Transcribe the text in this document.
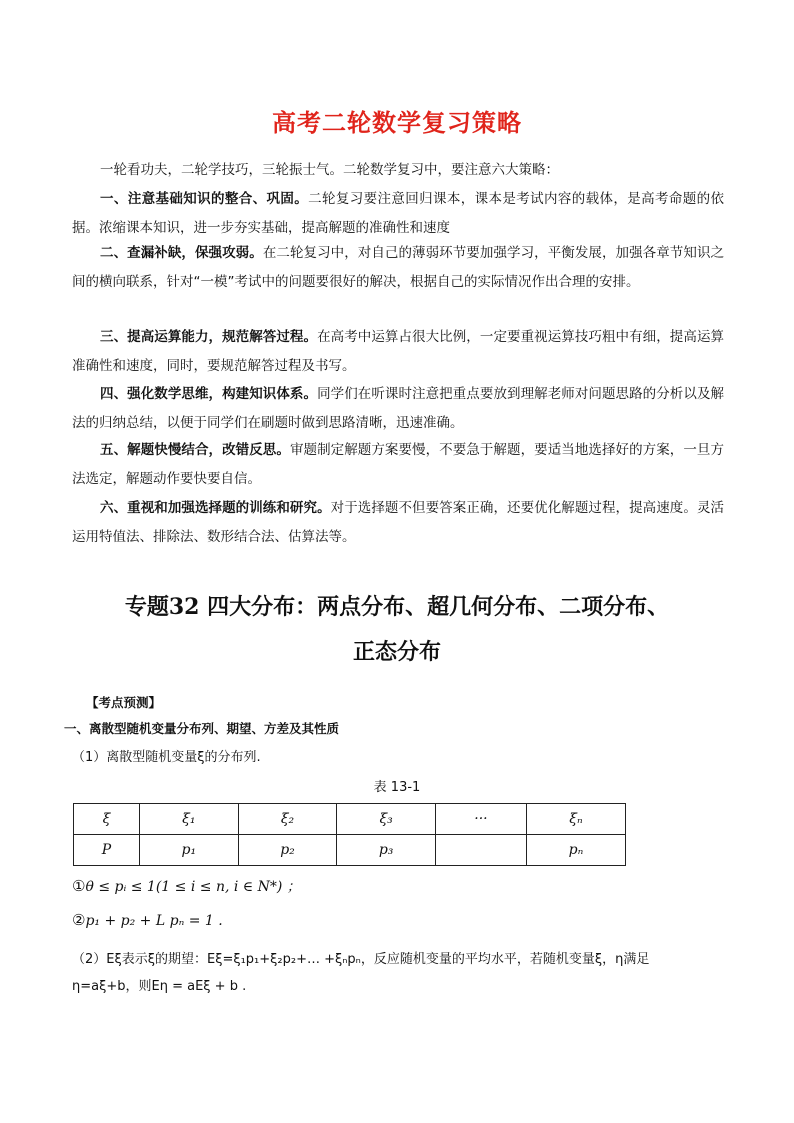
高考二轮数学复习策略

一轮看功夫，二轮学技巧，三轮振士气。二轮数学复习中，要注意六大策略：

一、注意基础知识的整合、巩固。二轮复习要注意回归课本，课本是考试内容的载体，是高考命题的依据。浓缩课本知识，进一步夯实基础，提高解题的准确性和速度

二、查漏补缺，保强攻弱。在二轮复习中，对自己的薄弱环节要加强学习，平衡发展，加强各章节知识之间的横向联系，针对“一模”考试中的问题要很好的解决，根据自己的实际情况作出合理的安排。

三、提高运算能力，规范解答过程。在高考中运算占很大比例，一定要重视运算技巧粗中有细，提高运算准确性和速度，同时，要规范解答过程及书写。

四、强化数学思维，构建知识体系。同学们在听课时注意把重点要放到理解老师对问题思路的分析以及解法的归纳总结，以便于同学们在刷题时做到思路清晰，迅速准确。

五、解题快慢结合，改错反思。审题制定解题方案要慢，不要急于解题，要适当地选择好的方案，一旦方法选定，解题动作要快要自信。

六、重视和加强选择题的训练和研究。对于选择题不但要答案正确，还要优化解题过程，提高速度。灵活运用特值法、排除法、数形结合法、估算法等。

专题32 四大分布：两点分布、超几何分布、二项分布、
正态分布
【考点预测】
一、离散型随机变量分布列、期望、方差及其性质
（1）离散型随机变量ξ的分布列.
表 13-1
ξ	ξ₁	ξ₂	ξ₃	···	ξₙ
P	p₁	p₂	p₃		pₙ
①θ ≤ pᵢ ≤ 1(1 ≤ i ≤ n, i ∈ N*) ；
②p₁ + p₂ + L pₙ = 1 .
（2）Eξ表示ξ的期望：Eξ=ξ₁p₁+ξ₂p₂+… +ξₙpₙ，反应随机变量的平均水平，若随机变量ξ，η满足
η=aξ+b，则Eη = aEξ + b .
